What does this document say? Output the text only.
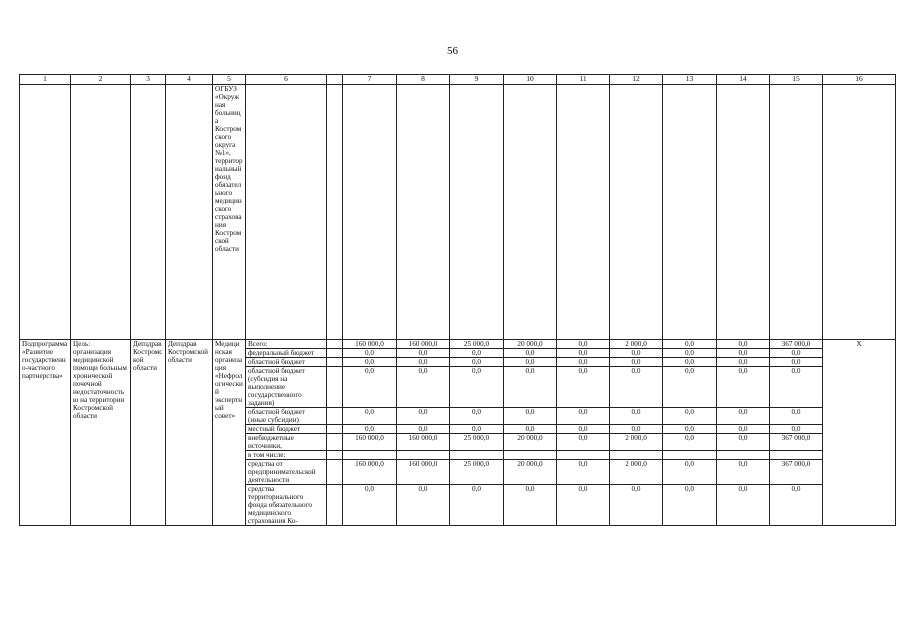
56
1	2	3	4	5	6		7	8	9	10	11	12	13	14	15	16
				ОГБУЗ «Окружная больница Костромского округа №1», территориальный фонд обязательного медицинского страхования Костромской области												
Подпрограмма «Развитие государственно-частного партнерства»	Цель: организация медицинской помощи больным хронической почечной недостаточностью на территории Костромской области	Депздрав Костромской области	Депздрав Костромской области	Медицинская организация «Нефрологический экспертный совет»	Всего:		160 000,0	160 000,0	25 000,0	20 000,0	0,0	2 000,0	0,0	0,0	367 000,0	X
					федеральный бюджет		0,0	0,0	0,0	0,0	0,0	0,0	0,0	0,0	0,0	
					областной бюджет		0,0	0,0	0,0	0,0	0,0	0,0	0,0	0,0	0,0	
					областной бюджет (субсидия на выполнение государственного задания)		0,0	0,0	0,0	0,0	0,0	0,0	0,0	0,0	0,0	
					областной бюджет (иные субсидии)		0,0	0,0	0,0	0,0	0,0	0,0	0,0	0,0	0,0	
					местный бюджет		0,0	0,0	0,0	0,0	0,0	0,0	0,0	0,0	0,0	
					внебюджетные источники,		160 000,0	160 000,0	25 000,0	20 000,0	0,0	2 000,0	0,0	0,0	367 000,0	
					в том числе:											
					средства от предпринимательской деятельности		160 000,0	160 000,0	25 000,0	20 000,0	0,0	2 000,0	0,0	0,0	367 000,0	
					средства территориального фонда обязательного медицинского страхования Ко-		0,0	0,0	0,0	0,0	0,0	0,0	0,0	0,0	0,0	
